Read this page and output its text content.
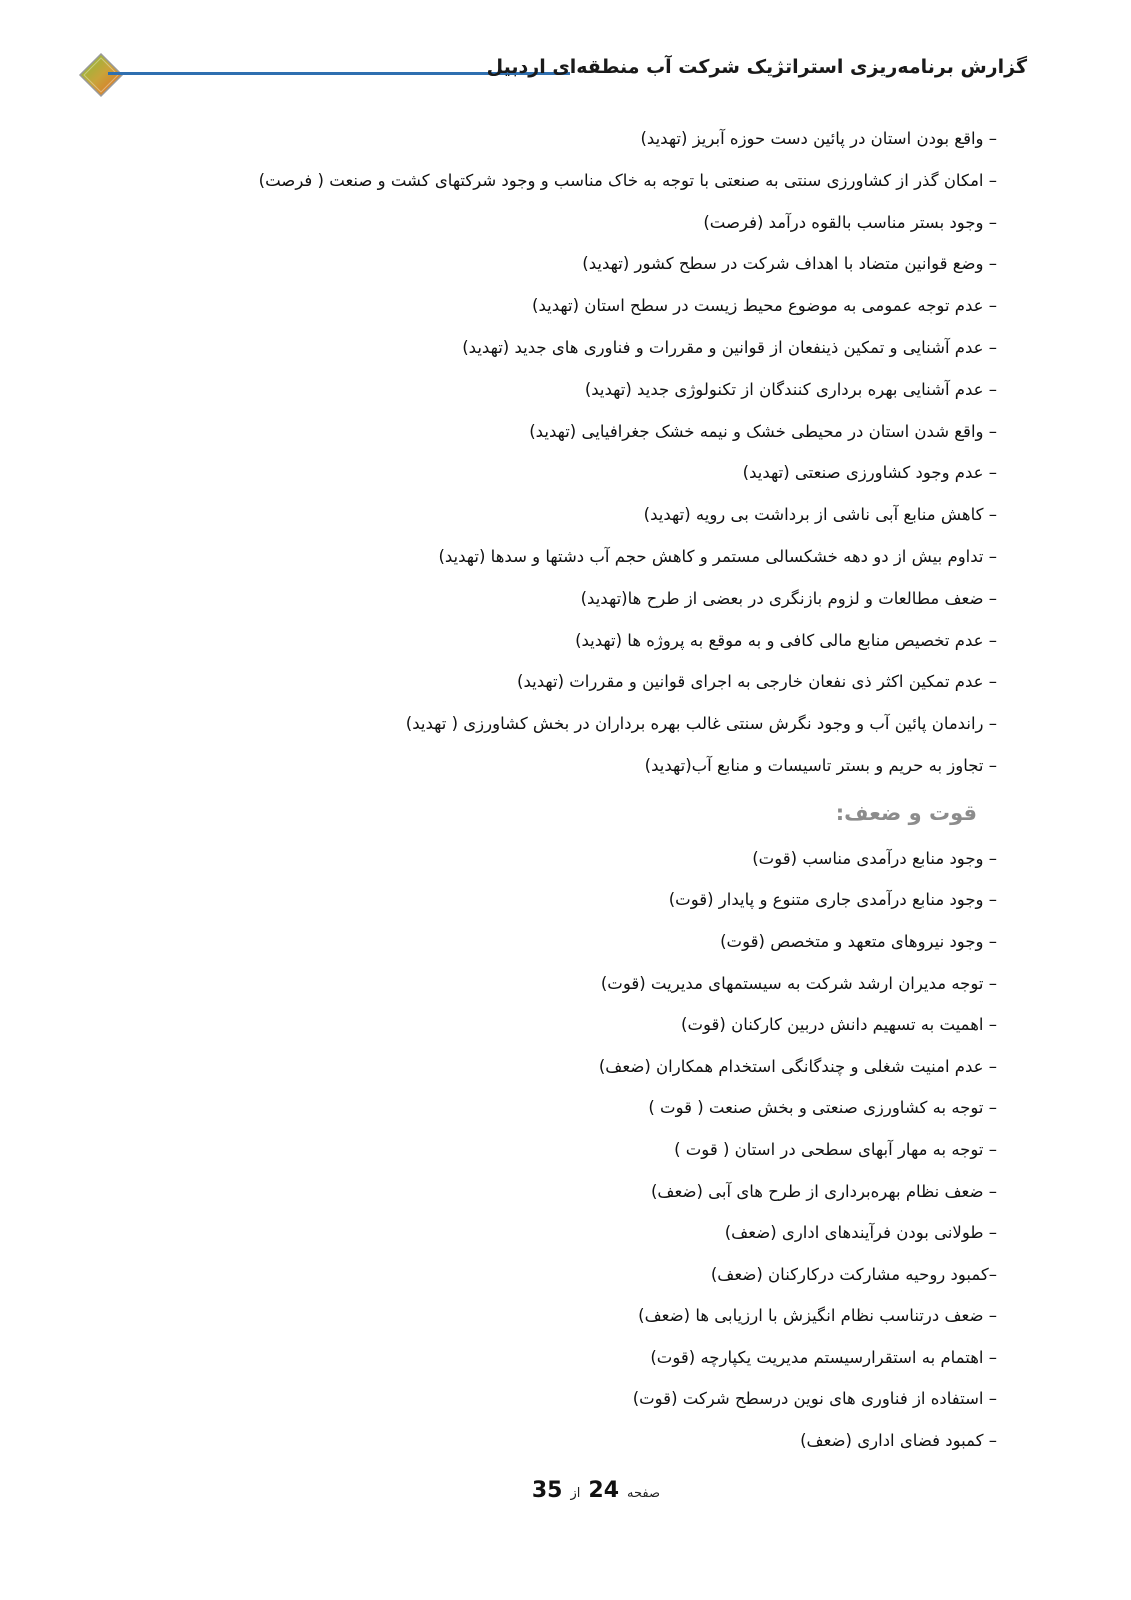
گزارش برنامه‌ریزی استراتژیک شرکت آب منطقه‌ای اردبیل
– واقع بودن استان در پائین دست حوزه آبریز (تهدید)
– امکان گذر از کشاورزی سنتی به صنعتی با توجه به خاک مناسب و وجود شرکتهای کشت و صنعت ( فرصت)
– وجود بستر مناسب بالقوه درآمد (فرصت)
– وضع قوانین متضاد با اهداف شرکت در سطح کشور (تهدید)
– عدم توجه عمومی به موضوع محیط زیست در سطح استان (تهدید)
– عدم آشنایی و تمکین ذینفعان از قوانین و مقررات و فناوری های جدید (تهدید)
– عدم آشنایی بهره برداری کنندگان از تکنولوژی جدید (تهدید)
– واقع شدن استان در محیطی خشک و نیمه خشک جغرافیایی (تهدید)
– عدم وجود کشاورزی صنعتی (تهدید)
– کاهش منابع آبی ناشی از برداشت بی رویه (تهدید)
– تداوم بیش از دو دهه خشکسالی مستمر و کاهش حجم آب دشتها و سدها (تهدید)
– ضعف مطالعات و لزوم بازنگری در بعضی از طرح ها(تهدید)
– عدم تخصیص منابع مالی کافی و به موقع به پروژه ها (تهدید)
– عدم تمکین اکثر ذی نفعان خارجی به اجرای قوانین و مقررات (تهدید)
– راندمان پائین آب و وجود نگرش سنتی غالب بهره برداران در بخش کشاورزی ( تهدید)
– تجاوز به حریم و بستر تاسیسات و منابع آب(تهدید)
قوت و ضعف:
– وجود منابع درآمدی مناسب (قوت)
– وجود منابع درآمدی جاری متنوع و پایدار (قوت)
– وجود نیروهای متعهد و متخصص (قوت)
– توجه مدیران ارشد شرکت به سیستمهای مدیریت (قوت)
– اهمیت به تسهیم دانش دربین کارکنان (قوت)
– عدم امنیت شغلی و چندگانگی استخدام همکاران (ضعف)
– توجه به کشاورزی صنعتی و بخش صنعت ( قوت )
– توجه به مهار آبهای سطحی در استان ( قوت )
– ضعف نظام بهره‌برداری از طرح های آبی (ضعف)
– طولانی بودن فرآیندهای اداری (ضعف)
–کمبود روحیه مشارکت درکارکنان (ضعف)
– ضعف درتناسب نظام انگیزش با ارزیابی ها (ضعف)
– اهتمام به استقرارسیستم مدیریت یکپارچه (قوت)
– استفاده از فناوری های نوین درسطح شرکت (قوت)
– کمبود فضای اداری (ضعف)
صفحه
24
از
35
